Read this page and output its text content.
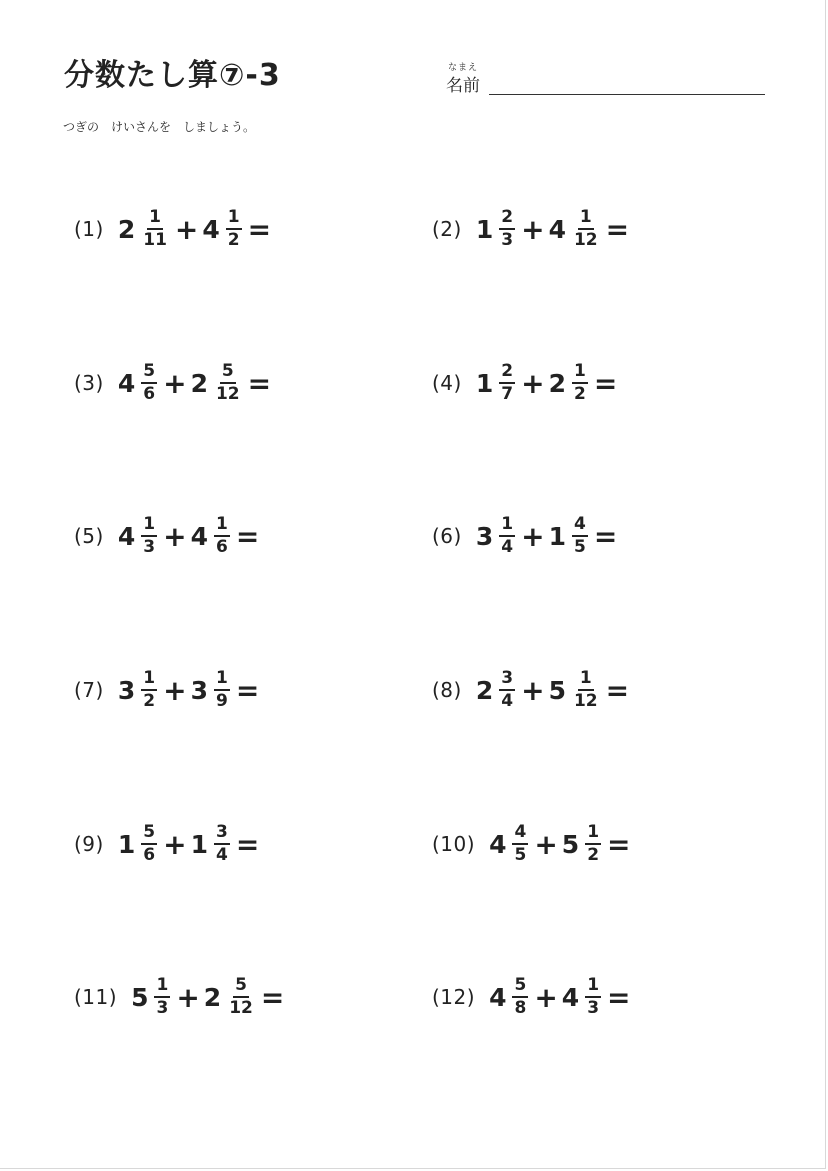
分数たし算⑦-3	なまえ
名前
つぎの　けいさんを　しましょう。
(1) $2 \frac{1}{11} + 4 \frac{1}{2}$ =	(2) $1 \frac{2}{3} + 4 \frac{1}{12}$ =
(3) $4 \frac{5}{6} + 2 \frac{5}{12}$ =	(4) $1 \frac{2}{7} + 2 \frac{1}{2}$ =
(5) $4 \frac{1}{3} + 4 \frac{1}{6}$ =	(6) $3 \frac{1}{4} + 1 \frac{4}{5}$ =
(7) $3 \frac{1}{2} + 3 \frac{1}{9}$ =	(8) $2 \frac{3}{4} + 5 \frac{1}{12}$ =
(9) $1 \frac{5}{6} + 1 \frac{3}{4}$ =	(10) $4 \frac{4}{5} + 5 \frac{1}{2}$ =
(11) $5 \frac{1}{3} + 2 \frac{5}{12}$ =	(12) $4 \frac{5}{8} + 4 \frac{1}{3}$ =
